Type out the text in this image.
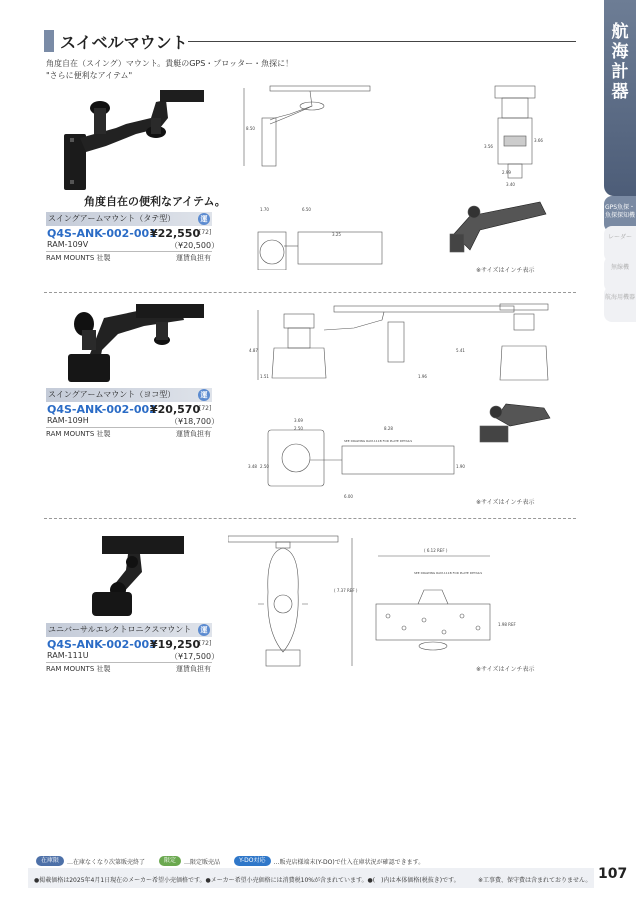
航
海
計
器
GPS魚探・魚探探知機
レーダー
無線機
航海用機器
スイベルマウント
角度自在（スイング）マウント。貴艇のGPS・プロッター・魚探に！
"さらに便利なアイテム"
角度自在の便利なアイテム。
スイングアームマウント（タテ型）	運
Q4S-ANK-002-001
¥22,550
[72]
RAM-109V	（¥20,500）
RAM MOUNTS 社製	運賃負担有
8.50
3.56
3.66
2.99
3.40
1.70	6.50
3.25
※サイズはインチ表示
スイングアームマウント（ヨコ型）	運
Q4S-ANK-002-002
¥20,570
[72]
RAM-109H	（¥18,700）
RAM MOUNTS 社製	運賃負担有
4.87	5.41
1.51	1.96
3.69
2.50	8.28
3.48 2.50	1.90
6.00
SEE DRAWING RAM-111B FOR PLATE DETAILS
※サイズはインチ表示
ユニバーサルエレクトロニクスマウント	運
Q4S-ANK-002-003
¥19,250
[72]
RAM-111U	（¥17,500）
RAM MOUNTS 社製	運賃負担有
( 7.37 REF )
( 6.12 REF )
SEE DRAWING RAM-111B FOR PLATE DETAILS
1.98 REF
※サイズはインチ表示
在庫限	…在庫なくなり次第販売終了	限定	…限定販売品	Y-DO対応	…販売店様端末(Y-DO)で仕入在庫状況が確認できます。
●掲載価格は2025年4月1日現在のメーカー希望小売価格です。●メーカー希望小売価格には消費税10%が含まれています。●(　)内は本体価格(税抜き)です。	※工事費、保守費は含まれておりません。 107
